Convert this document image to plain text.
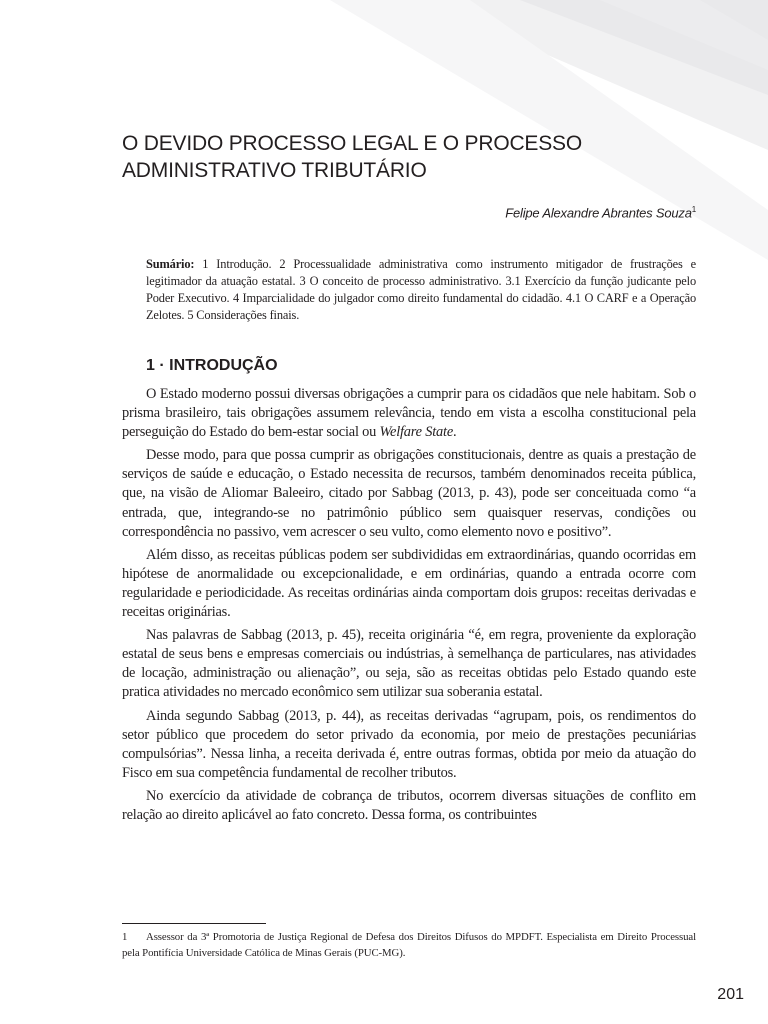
O DEVIDO PROCESSO LEGAL E O PROCESSO ADMINISTRATIVO TRIBUTÁRIO

Felipe Alexandre Abrantes Souza$^1$

Sumário: 1 Introdução. 2 Processualidade administrativa como instrumento mitigador de frustrações e legitimador da atuação estatal. 3 O conceito de processo administrativo. 3.1 Exercício da função judicante pelo Poder Executivo. 4 Imparcialidade do julgador como direito fundamental do cidadão. 4.1 O CARF e a Operação Zelotes. 5 Considerações finais.

1 · INTRODUÇÃO

O Estado moderno possui diversas obrigações a cumprir para os cidadãos que nele habitam. Sob o prisma brasileiro, tais obrigações assumem relevância, tendo em vista a escolha constitucional pela perseguição do Estado do bem-estar social ou Welfare State.

Desse modo, para que possa cumprir as obrigações constitucionais, dentre as quais a prestação de serviços de saúde e educação, o Estado necessita de recursos, também denominados receita pública, que, na visão de Aliomar Baleeiro, citado por Sabbag (2013, p. 43), pode ser conceituada como “a entrada, que, integrando-se no patrimônio público sem quaisquer reservas, condições ou correspondência no passivo, vem acrescer o seu vulto, como elemento novo e positivo”.

Além disso, as receitas públicas podem ser subdivididas em extraordinárias, quando ocorridas em hipótese de anormalidade ou excepcionalidade, e em ordinárias, quando a entrada ocorre com regularidade e periodicidade. As receitas ordinárias ainda comportam dois grupos: receitas derivadas e receitas originárias.

Nas palavras de Sabbag (2013, p. 45), receita originária “é, em regra, proveniente da exploração estatal de seus bens e empresas comerciais ou indústrias, à semelhança de particulares, nas atividades de locação, administração ou alienação”, ou seja, são as receitas obtidas pelo Estado quando este pratica atividades no mercado econômico sem utilizar sua soberania estatal.

Ainda segundo Sabbag (2013, p. 44), as receitas derivadas “agrupam, pois, os rendimentos do setor público que procedem do setor privado da economia, por meio de prestações pecuniárias compulsórias”. Nessa linha, a receita derivada é, entre outras formas, obtida por meio da atuação do Fisco em sua competência fundamental de recolher tributos.

No exercício da atividade de cobrança de tributos, ocorrem diversas situações de conflito em relação ao direito aplicável ao fato concreto. Dessa forma, os contribuintes

1 Assessor da 3ª Promotoria de Justiça Regional de Defesa dos Direitos Difusos do MPDFT. Especialista em Direito Processual pela Pontifícia Universidade Católica de Minas Gerais (PUC-MG).

201
